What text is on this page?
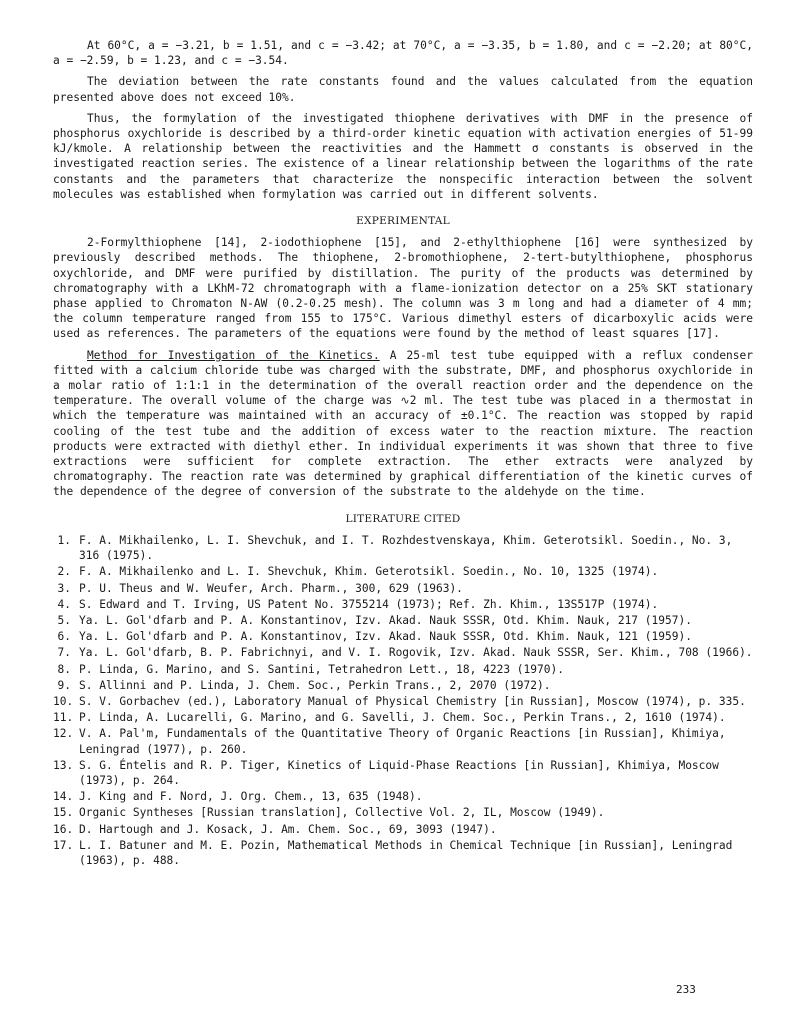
At 60°C, a = −3.21, b = 1.51, and c = −3.42; at 70°C, a = −3.35, b = 1.80, and c = −2.20; at 80°C, a = −2.59, b = 1.23, and c = −3.54.

The deviation between the rate constants found and the values calculated from the equation presented above does not exceed 10%.

Thus, the formylation of the investigated thiophene derivatives with DMF in the presence of phosphorus oxychloride is described by a third-order kinetic equation with activation energies of 51-99 kJ/kmole. A relationship between the reactivities and the Hammett σ constants is observed in the investigated reaction series. The existence of a linear relationship between the logarithms of the rate constants and the parameters that characterize the nonspecific interaction between the solvent molecules was established when formylation was carried out in different solvents.

EXPERIMENTAL

2-Formylthiophene [14], 2-iodothiophene [15], and 2-ethylthiophene [16] were synthesized by previously described methods. The thiophene, 2-bromothiophene, 2-tert-butylthiophene, phosphorus oxychloride, and DMF were purified by distillation. The purity of the products was determined by chromatography with a LKhM-72 chromatograph with a flame-ionization detector on a 25% SKT stationary phase applied to Chromaton N-AW (0.2-0.25 mesh). The column was 3 m long and had a diameter of 4 mm; the column temperature ranged from 155 to 175°C. Various dimethyl esters of dicarboxylic acids were used as references. The parameters of the equations were found by the method of least squares [17].

Method for Investigation of the Kinetics. A 25-ml test tube equipped with a reflux condenser fitted with a calcium chloride tube was charged with the substrate, DMF, and phosphorus oxychloride in a molar ratio of 1:1:1 in the determination of the overall reaction order and the dependence on the temperature. The overall volume of the charge was ∿2 ml. The test tube was placed in a thermostat in which the temperature was maintained with an accuracy of ±0.1°C. The reaction was stopped by rapid cooling of the test tube and the addition of excess water to the reaction mixture. The reaction products were extracted with diethyl ether. In individual experiments it was shown that three to five extractions were sufficient for complete extraction. The ether extracts were analyzed by chromatography. The reaction rate was determined by graphical differentiation of the kinetic curves of the dependence of the degree of conversion of the substrate to the aldehyde on the time.

LITERATURE CITED
1. F. A. Mikhailenko, L. I. Shevchuk, and I. T. Rozhdestvenskaya, Khim. Geterotsikl. Soedin., No. 3, 316 (1975).
2. F. A. Mikhailenko and L. I. Shevchuk, Khim. Geterotsikl. Soedin., No. 10, 1325 (1974).
3. P. U. Theus and W. Weufer, Arch. Pharm., 300, 629 (1963).
4. S. Edward and T. Irving, US Patent No. 3755214 (1973); Ref. Zh. Khim., 13S517P (1974).
5. Ya. L. Gol'dfarb and P. A. Konstantinov, Izv. Akad. Nauk SSSR, Otd. Khim. Nauk, 217 (1957).
6. Ya. L. Gol'dfarb and P. A. Konstantinov, Izv. Akad. Nauk SSSR, Otd. Khim. Nauk, 121 (1959).
7. Ya. L. Gol'dfarb, B. P. Fabrichnyi, and V. I. Rogovik, Izv. Akad. Nauk SSSR, Ser. Khim., 708 (1966).
8. P. Linda, G. Marino, and S. Santini, Tetrahedron Lett., 18, 4223 (1970).
9. S. Allinni and P. Linda, J. Chem. Soc., Perkin Trans., 2, 2070 (1972).
10. S. V. Gorbachev (ed.), Laboratory Manual of Physical Chemistry [in Russian], Moscow (1974), p. 335.
11. P. Linda, A. Lucarelli, G. Marino, and G. Savelli, J. Chem. Soc., Perkin Trans., 2, 1610 (1974).
12. V. A. Pal'm, Fundamentals of the Quantitative Theory of Organic Reactions [in Russian], Khimiya, Leningrad (1977), p. 260.
13. S. G. Éntelis and R. P. Tiger, Kinetics of Liquid-Phase Reactions [in Russian], Khimiya, Moscow (1973), p. 264.
14. J. King and F. Nord, J. Org. Chem., 13, 635 (1948).
15. Organic Syntheses [Russian translation], Collective Vol. 2, IL, Moscow (1949).
16. D. Hartough and J. Kosack, J. Am. Chem. Soc., 69, 3093 (1947).
17. L. I. Batuner and M. E. Pozin, Mathematical Methods in Chemical Technique [in Russian], Leningrad (1963), p. 488.
233
